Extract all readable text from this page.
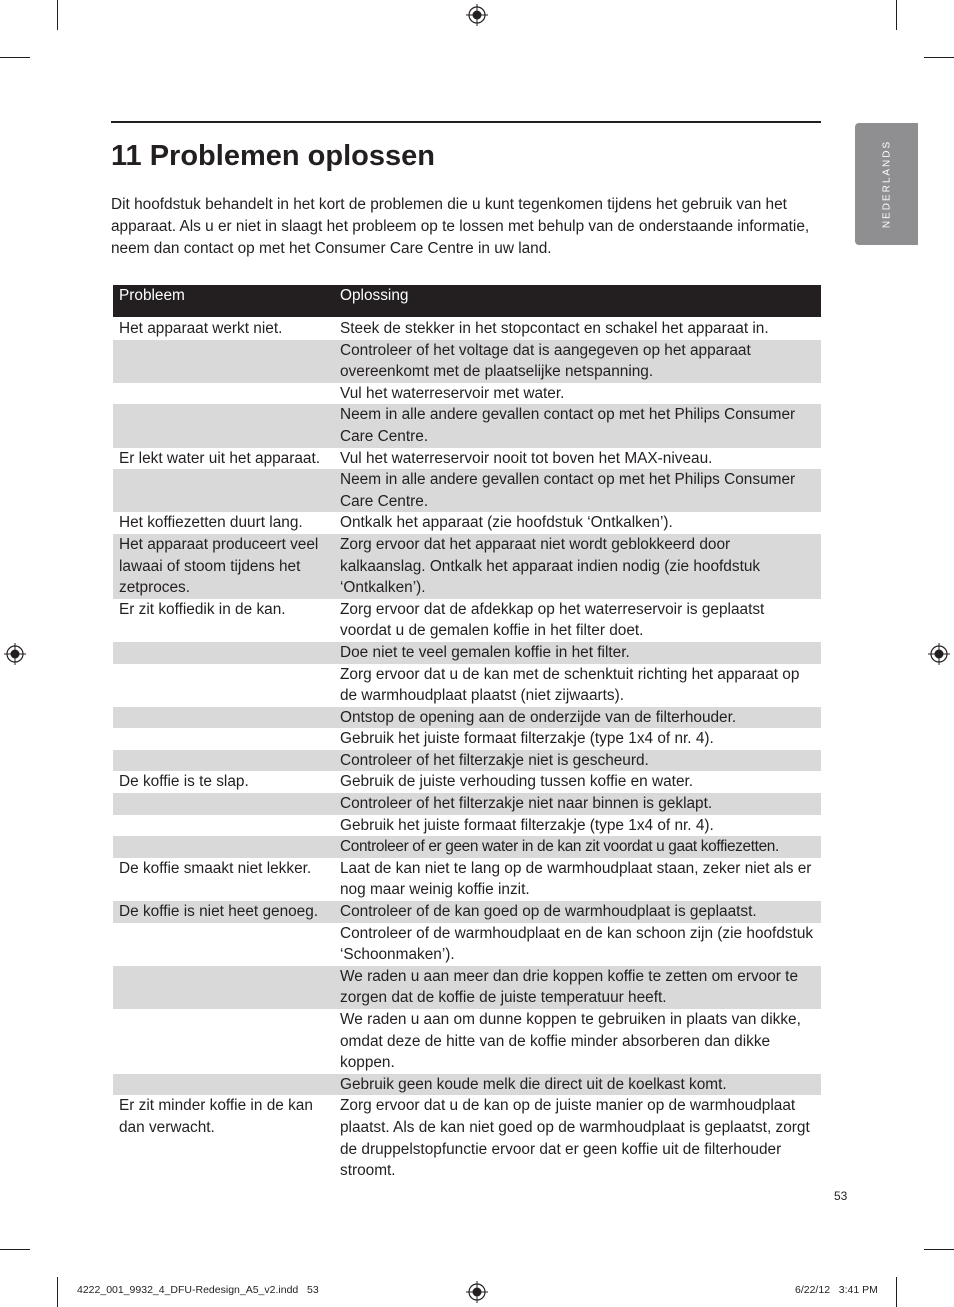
NEDERLANDS
11 Problemen oplossen

Dit hoofdstuk behandelt in het kort de problemen die u kunt tegenkomen tijdens het gebruik van het apparaat. Als u er niet in slaagt het probleem op te lossen met behulp van de onderstaande informatie, neem dan contact op met het Consumer Care Centre in uw land.

Probleem	Oplossing

Het apparaat werkt niet.	Steek de stekker in het stopcontact en schakel het apparaat in.
	Controleer of het voltage dat is aangegeven op het apparaat overeenkomt met de plaatselijke netspanning.
	Vul het waterreservoir met water.
	Neem in alle andere gevallen contact op met het Philips Consumer Care Centre.
Er lekt water uit het apparaat.	Vul het waterreservoir nooit tot boven het MAX-niveau.
	Neem in alle andere gevallen contact op met het Philips Consumer Care Centre.
Het koffiezetten duurt lang.	Ontkalk het apparaat (zie hoofdstuk ‘Ontkalken’).
Het apparaat produceert veel lawaai of stoom tijdens het zetproces.	Zorg ervoor dat het apparaat niet wordt geblokkeerd door kalkaanslag. Ontkalk het apparaat indien nodig (zie hoofdstuk ‘Ontkalken’).
Er zit koffiedik in de kan.	Zorg ervoor dat de afdekkap op het waterreservoir is geplaatst voordat u de gemalen koffie in het filter doet.
	Doe niet te veel gemalen koffie in het filter.
	Zorg ervoor dat u de kan met de schenktuit richting het apparaat op de warmhoudplaat plaatst (niet zijwaarts).
	Ontstop de opening aan de onderzijde van de filterhouder.
	Gebruik het juiste formaat filterzakje (type 1x4 of nr. 4).
	Controleer of het filterzakje niet is gescheurd.
De koffie is te slap.	Gebruik de juiste verhouding tussen koffie en water.
	Controleer of het filterzakje niet naar binnen is geklapt.
	Gebruik het juiste formaat filterzakje (type 1x4 of nr. 4).
	Controleer of er geen water in de kan zit voordat u gaat koffiezetten.
De koffie smaakt niet lekker.	Laat de kan niet te lang op de warmhoudplaat staan, zeker niet als er nog maar weinig koffie inzit.
De koffie is niet heet genoeg.	Controleer of de kan goed op de warmhoudplaat is geplaatst.
	Controleer of de warmhoudplaat en de kan schoon zijn (zie hoofdstuk ‘Schoonmaken’).
	We raden u aan meer dan drie koppen koffie te zetten om ervoor te zorgen dat de koffie de juiste temperatuur heeft.
	We raden u aan om dunne koppen te gebruiken in plaats van dikke, omdat deze de hitte van de koffie minder absorberen dan dikke koppen.
	Gebruik geen koude melk die direct uit de koelkast komt.
Er zit minder koffie in de kan dan verwacht.	Zorg ervoor dat u de kan op de juiste manier op de warmhoudplaat plaatst. Als de kan niet goed op de warmhoudplaat is geplaatst, zorgt de druppelstopfunctie ervoor dat er geen koffie uit de filterhouder stroomt.
53
4222_001_9932_4_DFU-Redesign_A5_v2.indd   53	6/22/12   3:41 PM
